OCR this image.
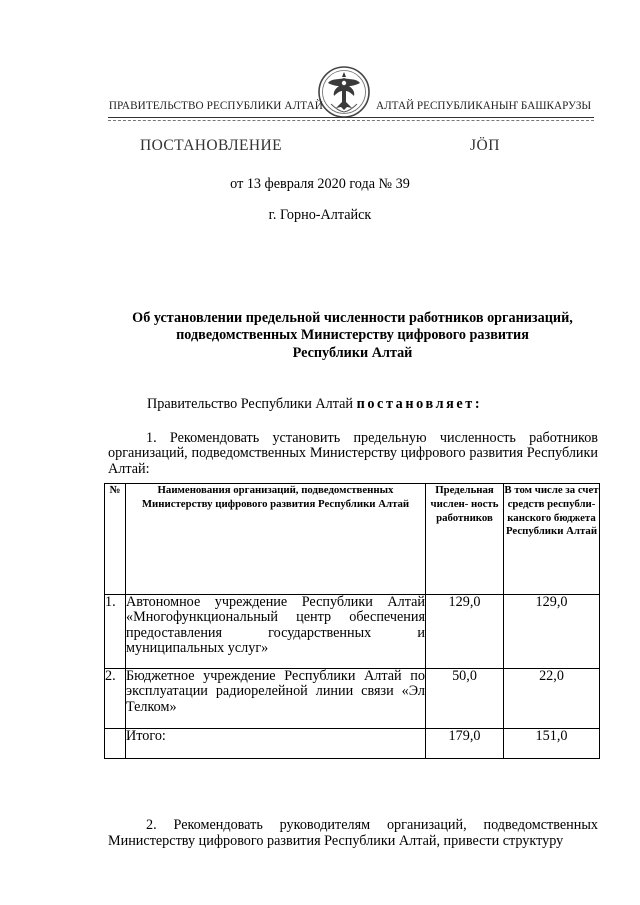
ПРАВИТЕЛЬСТВО РЕСПУБЛИКИ АЛТАЙ	АЛТАЙ РЕСПУБЛИКАНЫҤ БАШКАРУЗЫ
ПОСТАНОВЛЕНИЕ	ЈӦП
от 13 февраля 2020 года № 39
г. Горно-Алтайск
Об установлении предельной численности работников организаций,
подведомственных Министерству цифрового развития
Республики Алтай
Правительство Республики Алтай постановляет:
1. Рекомендовать установить предельную численность работников организаций, подведомственных Министерству цифрового развития Республики Алтай:
№	Наименования организаций, подведомственных Министерству цифрового развития Республики Алтай	Предельная числен- ность работников	В том числе за счет средств республи- канского бюджета Республики Алтай
1.	Автономное учреждение Республики Алтай «Многофункциональный центр обеспечения предоставления государственных и муниципальных услуг»	129,0	129,0
2.	Бюджетное учреждение Республики Алтай по эксплуатации радиорелейной линии связи «Эл Телком»	50,0	22,0
	Итого:	179,0	151,0
2. Рекомендовать руководителям организаций, подведомственных Министерству цифрового развития Республики Алтай, привести структуру
